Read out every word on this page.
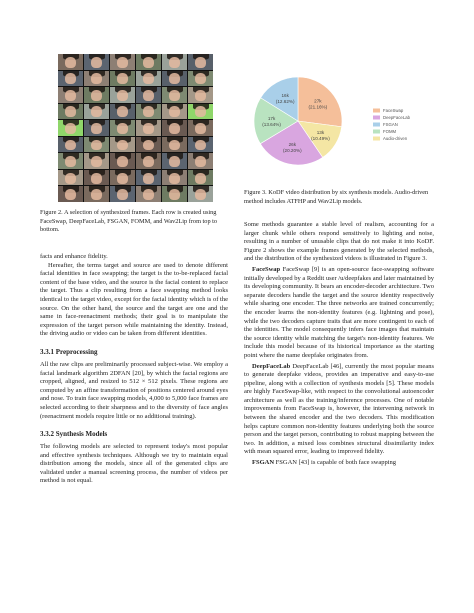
Figure 2. A selection of synthesized frames. Each row is created using FaceSwap, DeepFaceLab, FSGAN, FOMM, and Wav2Lip from top to bottom.
27k
(21.16%)
13k
(10.49%)
26k
(20.20%)
17k
(13.64%)
16k
(12.62%)
FaceSwap
DeepFaceLab
FSGAN
FOMM
Audio-driven
Figure 3. KoDF video distribution by six synthesis models. Audio-driven method includes ATFHP and Wav2Lip models.

facts and enhance fidelity.

Hereafter, the terms target and source are used to denote different facial identities in face swapping; the target is the to-be-replaced facial content of the base video, and the source is the facial content to replace the target. Thus a clip resulting from a face swapping method looks identical to the target video, except for the facial identity which is of the source. On the other hand, the source and the target are one and the same in face-reenactment methods; their goal is to manipulate the expression of the target person while maintaining the identity. Instead, the driving audio or video can be taken from different identities.

3.3.1 Preprocessing

All the raw clips are preliminarily processed subject-wise. We employ a facial landmark algorithm 2DFAN [20], by which the facial regions are cropped, aligned, and resized to 512 × 512 pixels. These regions are computed by an affine transformation of positions centered around eyes and nose. To train face swapping models, 4,000 to 5,000 face frames are selected according to their sharpness and to the diversity of face angles (reenactment models require little or no additional training).

3.3.2 Synthesis Models

The following models are selected to represent today's most popular and effective synthesis techniques. Although we try to maintain equal distribution among the models, since all of the generated clips are validated under a manual screening process, the number of videos per method is not equal.

Some methods guarantee a stable level of realism, accounting for a larger chunk while others respond sensitively to lighting and noise, resulting in a number of unusable clips that do not make it into KoDF. Figure 2 shows the example frames generated by the selected methods, and the distribution of the synthesized videos is illustrated in Figure 3.

FaceSwap FaceSwap [9] is an open-source face-swapping software initially developed by a Reddit user /u/deepfakes and later maintained by its developing community. It bears an encoder-decoder architecture. Two separate decoders handle the target and the source identity respectively while sharing one encoder. The three networks are trained concurrently; the encoder learns the non-identity features (e.g. lightning and pose), while the two decoders capture traits that are more contingent to each of the identities. The model consequently infers face images that maintain the source identity while matching the target's non-identity features. We include this model because of its historical importance as the starting point where the name deepfake originates from.

DeepFaceLab DeepFaceLab [46], currently the most popular means to generate deepfake videos, provides an imperative and easy-to-use pipeline, along with a collection of synthesis models [5]. These models are highly FaceSwap-like, with respect to the convolutional autoencoder architecture as well as the training/inference processes. One of notable improvements from FaceSwap is, however, the intervening network in between the shared encoder and the two decoders. This modification helps capture common non-identity features underlying both the source person and the target person, contributing to robust mapping between the two. In addition, a mixed loss combines structural dissimilarity index with mean squared error, leading to improved fidelity.

FSGAN FSGAN [43] is capable of both face swapping
